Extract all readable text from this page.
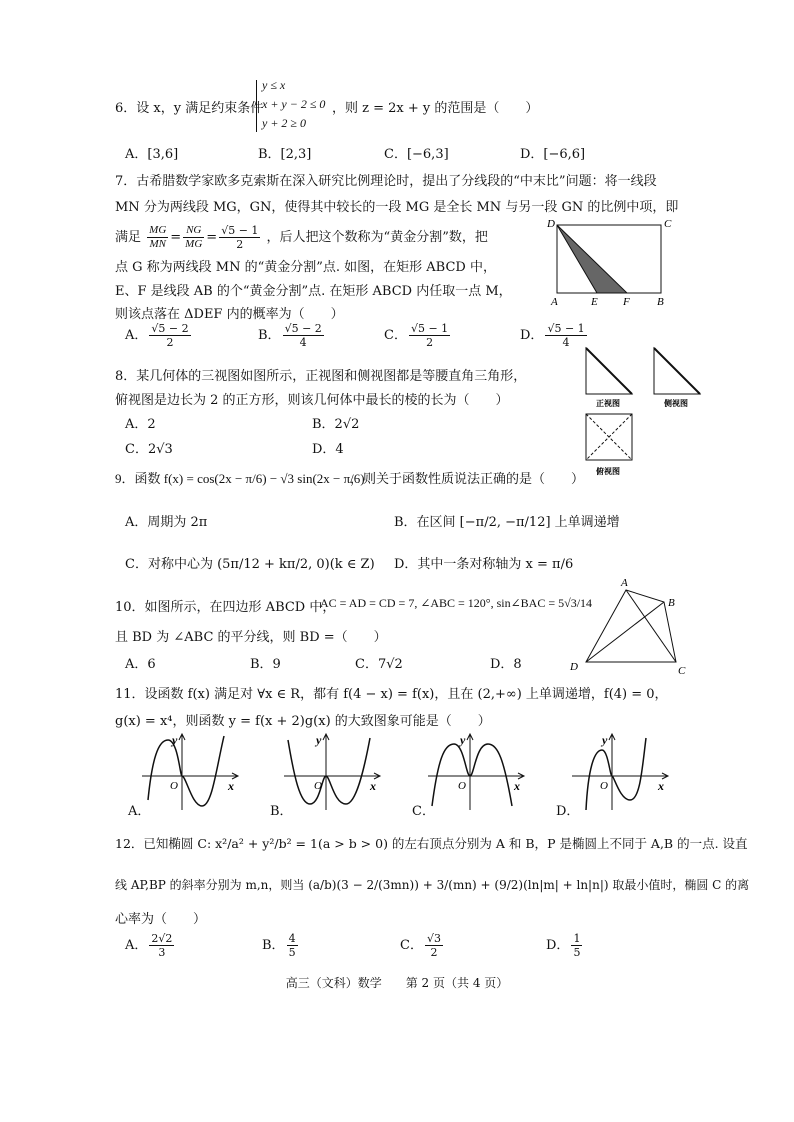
6．设 x，y 满足约束条件
y ≤ x
x + y − 2 ≤ 0
y + 2 ≥ 0
，则 z = 2x + y 的范围是（　　）
A．[3,6]	B．[2,3]	C．[−6,3]	D．[−6,6]
7．古希腊数学家欧多克索斯在深入研究比例理论时，提出了分线段的“中末比”问题：将一线段
MN 分为两线段 MG，GN，使得其中较长的一段 MG 是全长 MN 与另一段 GN 的比例中项，即
满足 $\frac{MG}{MN} = \frac{NG}{MG} = \frac{√5 - 1}{2}$ ，后人把这个数称为“黄金分割”数，把
点 G 称为两线段 MN 的“黄金分割”点. 如图，在矩形 ABCD 中，
E、F 是线段 AB 的个“黄金分割”点. 在矩形 ABCD 内任取一点 M，
则该点落在 ΔDEF 内的概率为（　　）
D	C
A	E F B
A． $\frac{√5 - 2}{2}$	B． $\frac{√5 - 2}{4}$	C． $\frac{√5 - 1}{2}$	D． $\frac{√5 - 1}{4}$
8．某几何体的三视图如图所示，正视图和侧视图都是等腰直角三角形，
俯视图是边长为 2 的正方形，则该几何体中最长的棱的长为（　　）
A．2	B．2√2
C．2√3	D．4
正视图	侧视图
俯视图
9．函数 f(x) = cos(2x − π/6) − √3 sin(2x − π/6)
，则关于函数性质说法正确的是（　　）
A．周期为 2π	B．在区间 [−π/2, −π/12] 上单调递增
C．对称中心为 (5π/12 + kπ/2, 0)(k ∈ Z) D．其中一条对称轴为 x = π/6
10．如图所示，在四边形 ABCD 中，
AC = AD = CD = 7, ∠ABC = 120°, sin∠BAC = 5√3/14
且 BD 为 ∠ABC 的平分线，则 BD =（　　）
A．6	B．9	C．7√2	D．8
A
B
C
D
11．设函数 f(x) 满足对 ∀x ∈ R，都有 f(4 − x) = f(x)，且在 (2,+∞) 上单调递增，f(4) = 0，
g(x) = x⁴，则函数 y = f(x + 2)g(x) 的大致图象可能是（　　）
y
x
O
A．
y
x
O
B．
y
x
O
C．
y
x
O
D．
12．已知椭圆 C: x²/a² + y²/b² = 1(a > b > 0) 的左右顶点分别为 A 和 B，P 是椭圆上不同于 A,B 的一点. 设直
线 AP,BP 的斜率分别为 m,n，则当 (a/b)(3 − 2/(3mn)) + 3/(mn) + (9/2)(ln|m| + ln|n|) 取最小值时，椭圆 C 的离
心率为（　　）
A． $\frac{2√2}{3}$	B． $\frac{4}{5}$	C． $\frac{√3}{2}$	D． $\frac{1}{5}$
高三（文科）数学　　第 2 页（共 4 页）
